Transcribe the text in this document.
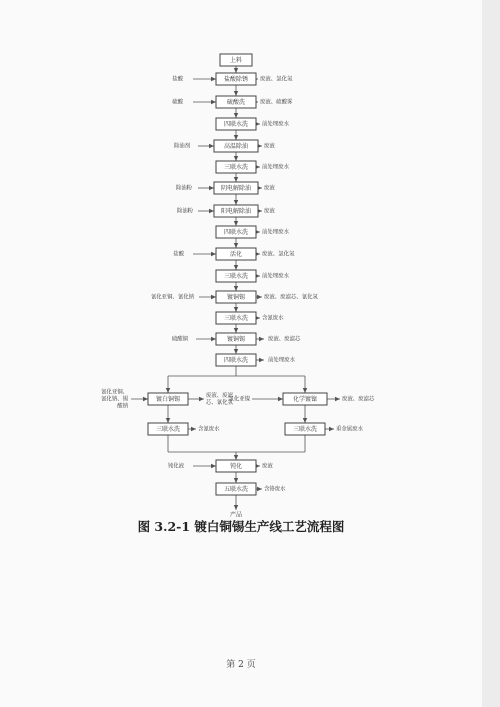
上料
盐酸除锈
硫酸洗
四联水洗
高温除油
三联水洗
阴电解除油
阳电解除油
四联水洗
活化
三联水洗
镀铜锡
三联水洗
镀铜锡
四联水洗
镀白铜锡	化学镀镍
三联水洗	三联水洗
钝化
五联水洗
产品
盐酸
硫酸
除油剂
除油粉
除油粉
盐酸
氰化亚铜、氰化钠
硫酸铜
氰化亚铜、
氰化钠、锡
酸钠
氯化亚镍
钝化液
废液、氯化氢
废液、硫酸雾
前处理废水
废液
前处理废水
废液
废液
前处理废水
废液、氯化氢
前处理废水
废液、废滤芯、氰化氢
含氰废水
废液、废滤芯
前处理废水
废液、废滤
芯、氰化氢
废液、废滤芯
含氰废水	重金属废水
废液
含铬废水
图 3.2-1 镀白铜锡生产线工艺流程图
第 2 页
